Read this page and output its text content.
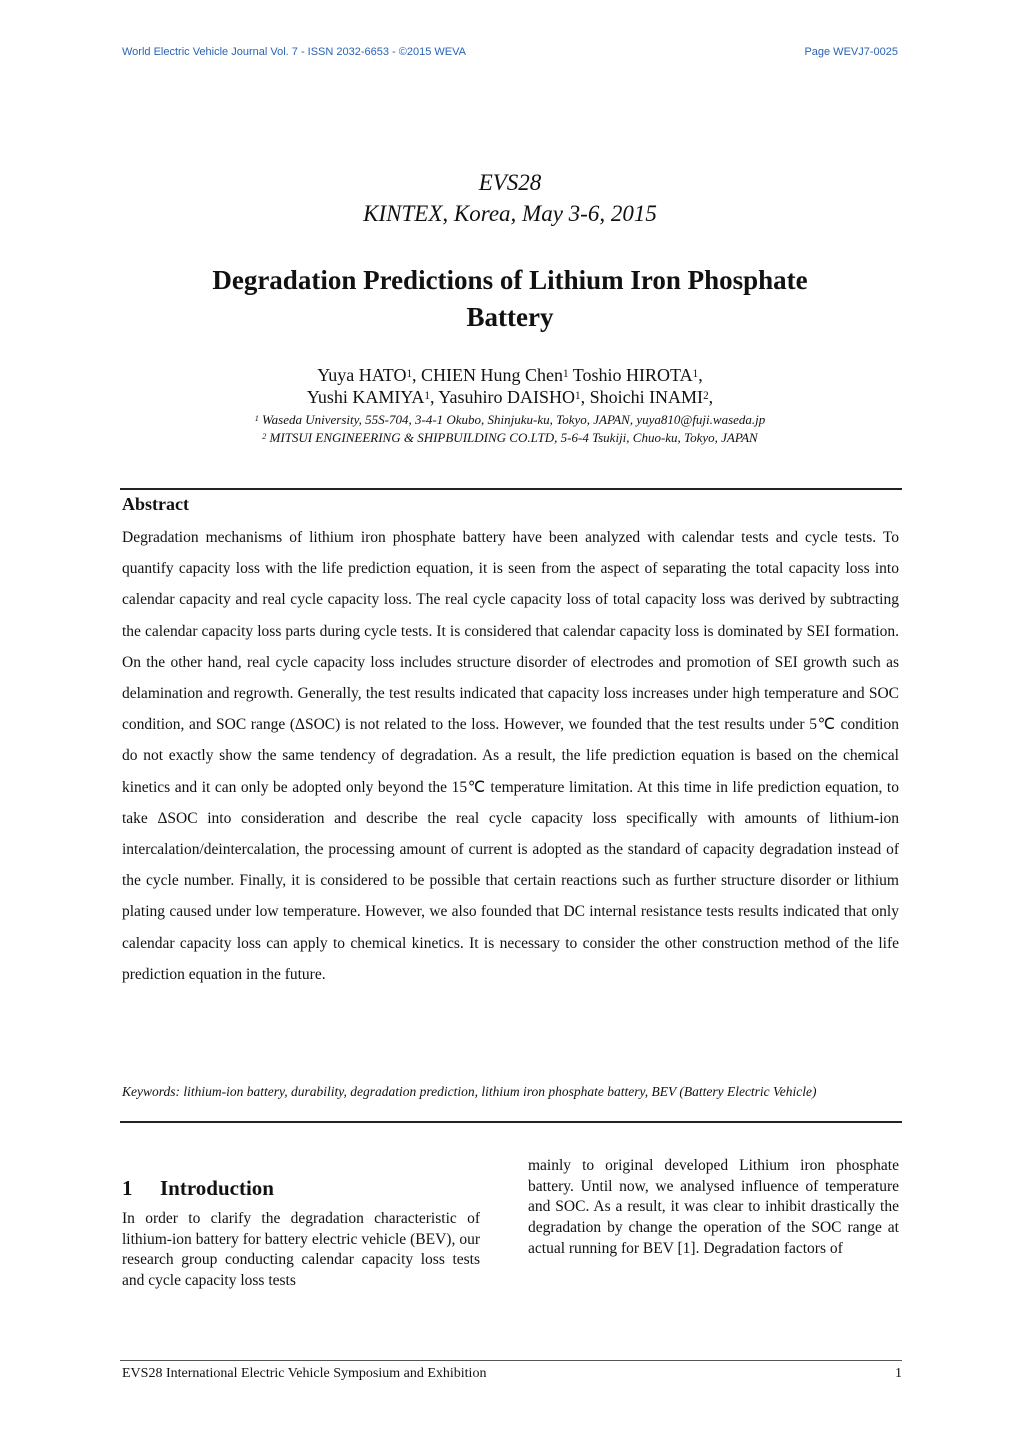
World Electric Vehicle Journal Vol. 7 - ISSN 2032-6653 - ©2015 WEVA	Page WEVJ7-0025
EVS28
KINTEX, Korea, May 3-6, 2015
Degradation Predictions of Lithium Iron Phosphate
Battery
Yuya HATO$^1$, CHIEN Hung Chen$^1$ Toshio HIROTA$^1$,
Yushi KAMIYA$^1$, Yasuhiro DAISHO$^1$, Shoichi INAMI$^2$,
$^1$ Waseda University, 55S-704, 3-4-1 Okubo, Shinjuku-ku, Tokyo, JAPAN, yuya810@fuji.waseda.jp
$^2$ MITSUI ENGINEERING & SHIPBUILDING CO.LTD, 5-6-4 Tsukiji, Chuo-ku, Tokyo, JAPAN
Abstract
Degradation mechanisms of lithium iron phosphate battery have been analyzed with calendar tests and cycle tests. To quantify capacity loss with the life prediction equation, it is seen from the aspect of separating the total capacity loss into calendar capacity and real cycle capacity loss. The real cycle capacity loss of total capacity loss was derived by subtracting the calendar capacity loss parts during cycle tests. It is considered that calendar capacity loss is dominated by SEI formation. On the other hand, real cycle capacity loss includes structure disorder of electrodes and promotion of SEI growth such as delamination and regrowth. Generally, the test results indicated that capacity loss increases under high temperature and SOC condition, and SOC range (ΔSOC) is not related to the loss. However, we founded that the test results under 5℃ condition do not exactly show the same tendency of degradation. As a result, the life prediction equation is based on the chemical kinetics and it can only be adopted only beyond the 15℃ temperature limitation. At this time in life prediction equation, to take ΔSOC into consideration and describe the real cycle capacity loss specifically with amounts of lithium-ion intercalation/deintercalation, the processing amount of current is adopted as the standard of capacity degradation instead of the cycle number. Finally, it is considered to be possible that certain reactions such as further structure disorder or lithium plating caused under low temperature. However, we also founded that DC internal resistance tests results indicated that only calendar capacity loss can apply to chemical kinetics. It is necessary to consider the other construction method of the life prediction equation in the future.
Keywords: lithium-ion battery, durability, degradation prediction, lithium iron phosphate battery, BEV (Battery Electric Vehicle)
1 Introduction
In order to clarify the degradation characteristic of lithium-ion battery for battery electric vehicle (BEV), our research group conducting calendar capacity loss tests and cycle capacity loss tests
mainly to original developed Lithium iron phosphate battery. Until now, we analysed influence of temperature and SOC. As a result, it was clear to inhibit drastically the degradation by change the operation of the SOC range at actual running for BEV [1]. Degradation factors of
EVS28 International Electric Vehicle Symposium and Exhibition	1
